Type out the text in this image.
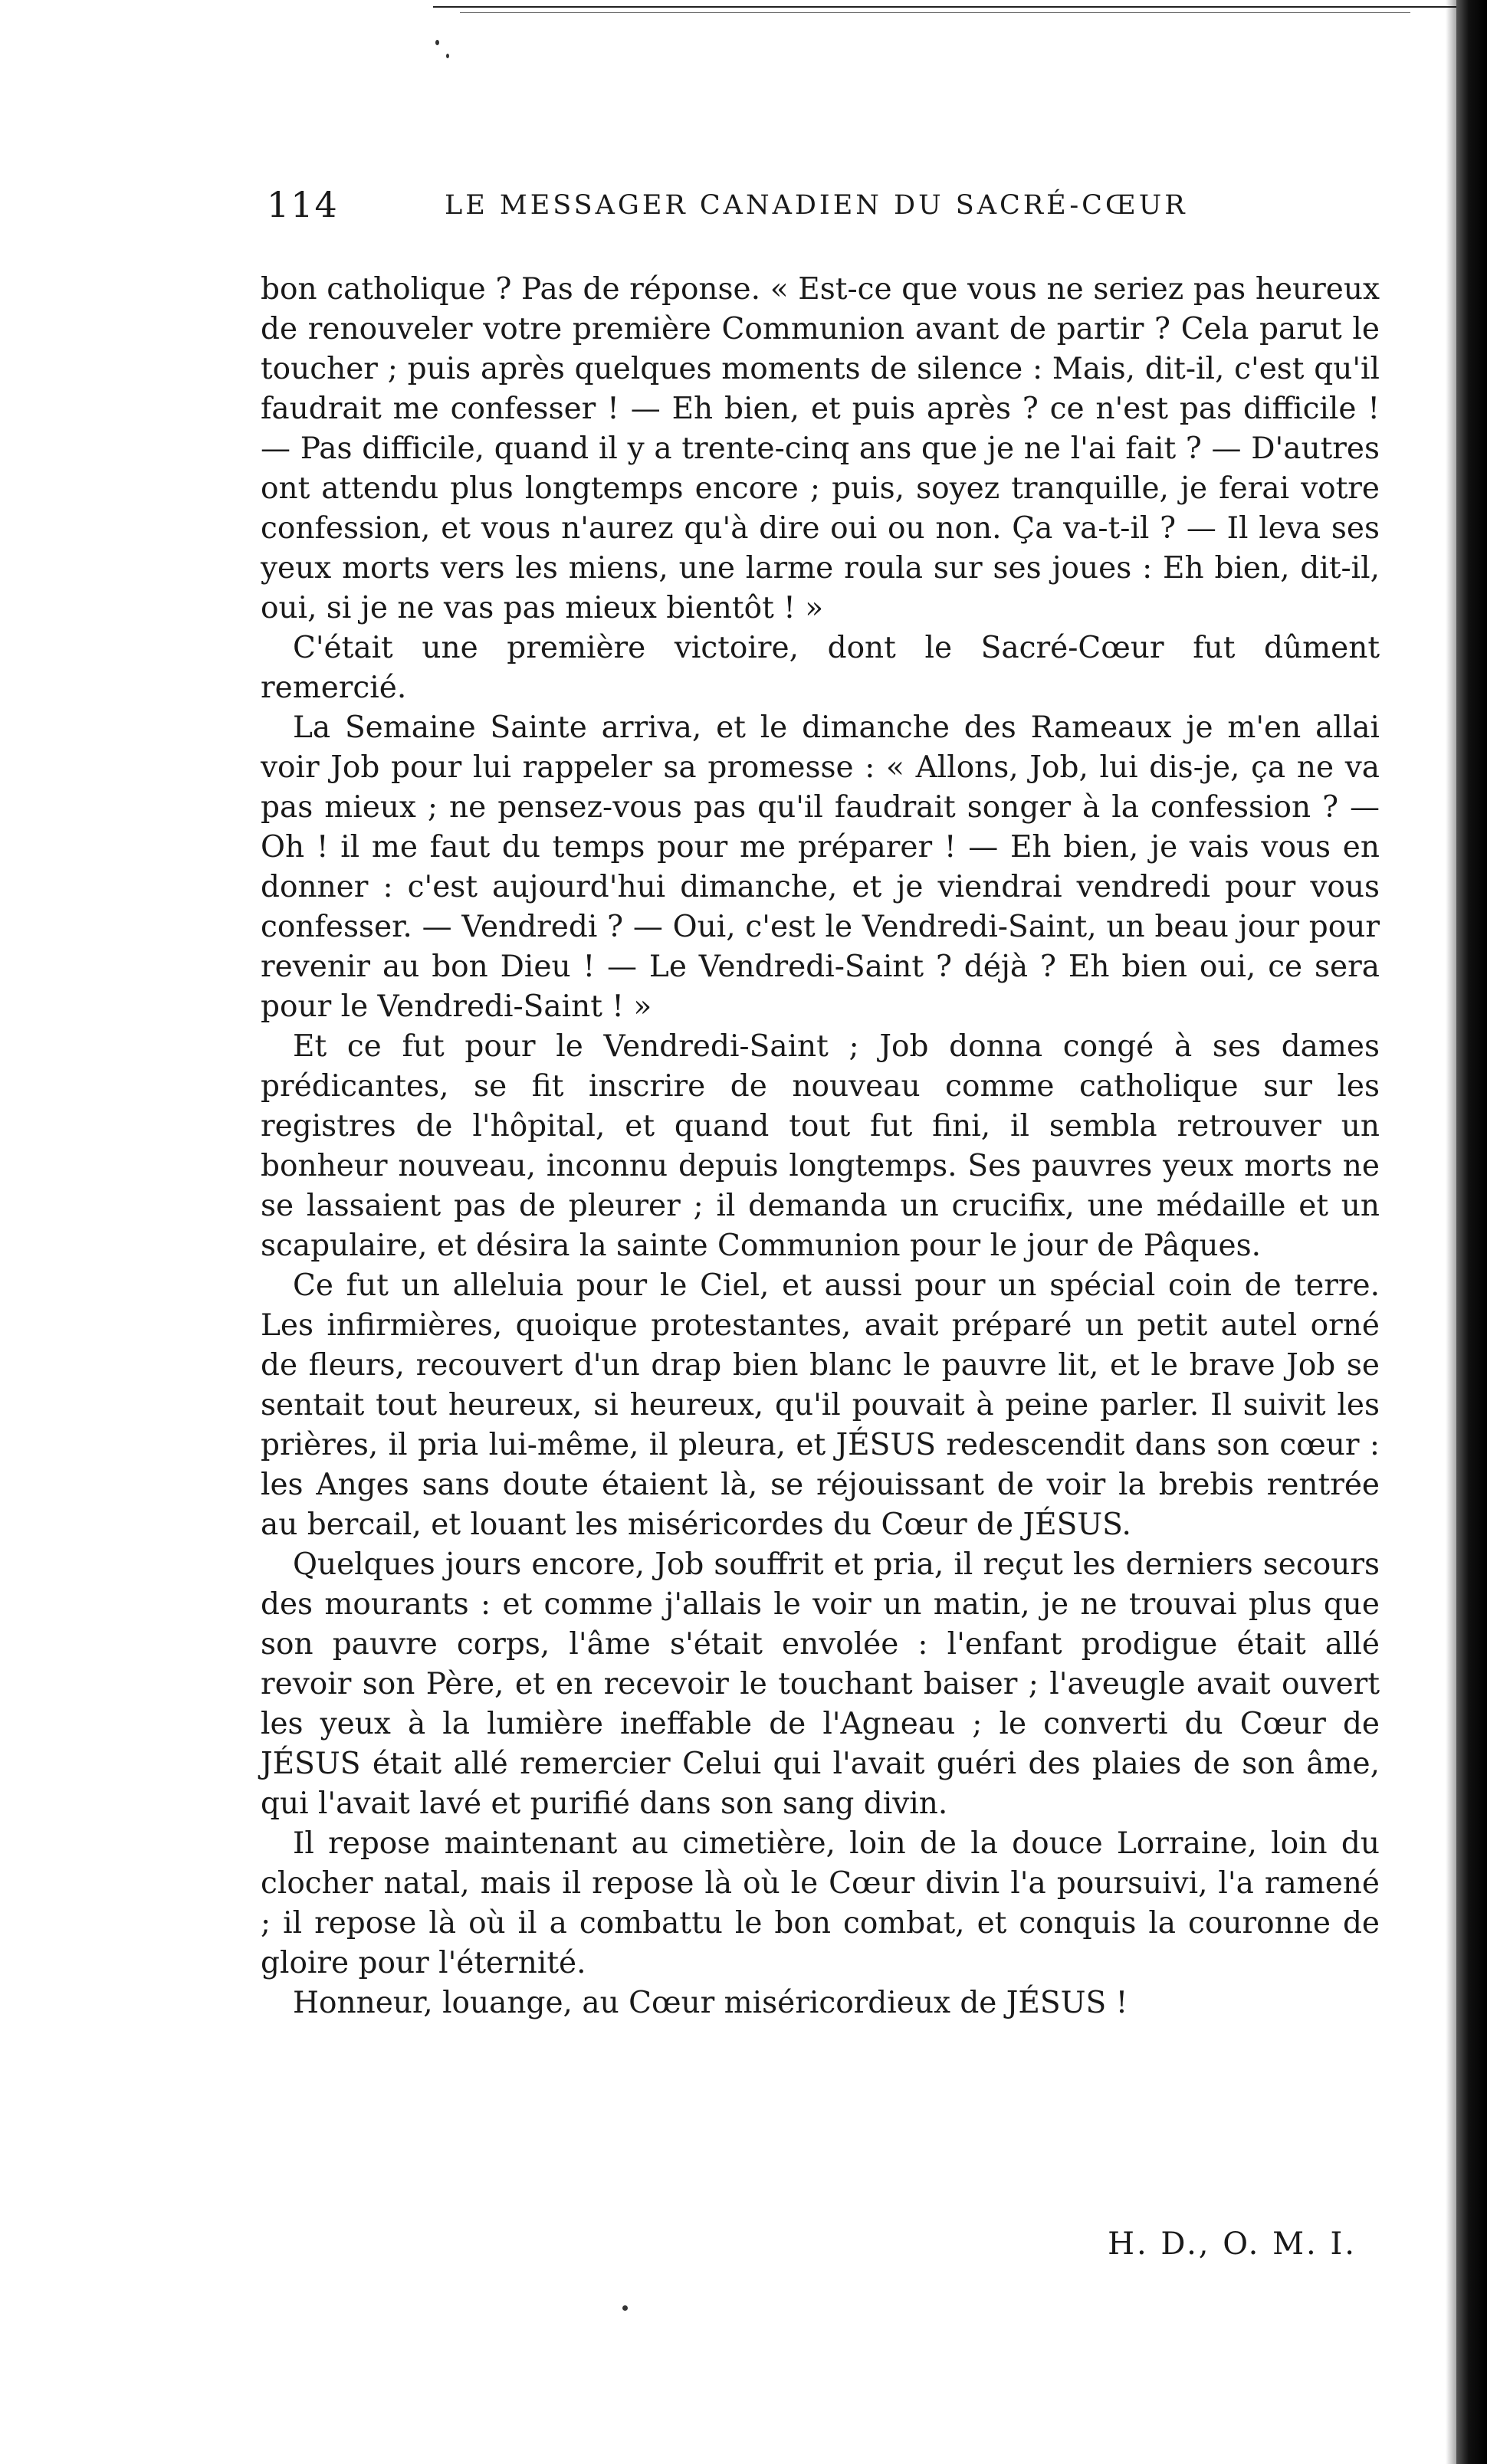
114	LE MESSAGER CANADIEN DU SACRÉ-CŒUR

bon catholique ? Pas de réponse. « Est-ce que vous ne seriez pas heureux de renouveler votre première Communion avant de partir ? Cela parut le toucher ; puis après quelques moments de silence : Mais, dit-il, c'est qu'il faudrait me confesser ! — Eh bien, et puis après ? ce n'est pas difficile ! — Pas difficile, quand il y a trente-cinq ans que je ne l'ai fait ? — D'autres ont attendu plus longtemps encore ; puis, soyez tranquille, je ferai votre confession, et vous n'aurez qu'à dire oui ou non. Ça va-t-il ? — Il leva ses yeux morts vers les miens, une larme roula sur ses joues : Eh bien, dit-il, oui, si je ne vas pas mieux bientôt ! »

C'était une première victoire, dont le Sacré-Cœur fut dûment remercié.

La Semaine Sainte arriva, et le dimanche des Rameaux je m'en allai voir Job pour lui rappeler sa promesse : « Allons, Job, lui dis-je, ça ne va pas mieux ; ne pensez-vous pas qu'il faudrait songer à la confession ? — Oh ! il me faut du temps pour me préparer ! — Eh bien, je vais vous en donner : c'est aujourd'hui dimanche, et je viendrai vendredi pour vous confesser. — Vendredi ? — Oui, c'est le Vendredi-Saint, un beau jour pour revenir au bon Dieu ! — Le Vendredi-Saint ? déjà ? Eh bien oui, ce sera pour le Vendredi-Saint ! »

Et ce fut pour le Vendredi-Saint ; Job donna congé à ses dames prédicantes, se fit inscrire de nouveau comme catholique sur les registres de l'hôpital, et quand tout fut fini, il sembla retrouver un bonheur nouveau, inconnu depuis longtemps. Ses pauvres yeux morts ne se lassaient pas de pleurer ; il demanda un crucifix, une médaille et un scapulaire, et désira la sainte Communion pour le jour de Pâques.

Ce fut un alleluia pour le Ciel, et aussi pour un spécial coin de terre. Les infirmières, quoique protestantes, avait préparé un petit autel orné de fleurs, recouvert d'un drap bien blanc le pauvre lit, et le brave Job se sentait tout heureux, si heureux, qu'il pouvait à peine parler. Il suivit les prières, il pria lui-même, il pleura, et JÉSUS redescendit dans son cœur : les Anges sans doute étaient là, se réjouissant de voir la brebis rentrée au bercail, et louant les miséricordes du Cœur de JÉSUS.

Quelques jours encore, Job souffrit et pria, il reçut les derniers secours des mourants : et comme j'allais le voir un matin, je ne trouvai plus que son pauvre corps, l'âme s'était envolée : l'enfant prodigue était allé revoir son Père, et en recevoir le touchant baiser ; l'aveugle avait ouvert les yeux à la lumière ineffable de l'Agneau ; le converti du Cœur de JÉSUS était allé remercier Celui qui l'avait guéri des plaies de son âme, qui l'avait lavé et purifié dans son sang divin.

Il repose maintenant au cimetière, loin de la douce Lorraine, loin du clocher natal, mais il repose là où le Cœur divin l'a poursuivi, l'a ramené ; il repose là où il a combattu le bon combat, et conquis la couronne de gloire pour l'éternité.

Honneur, louange, au Cœur miséricordieux de JÉSUS !

H. D., O. M. I.
